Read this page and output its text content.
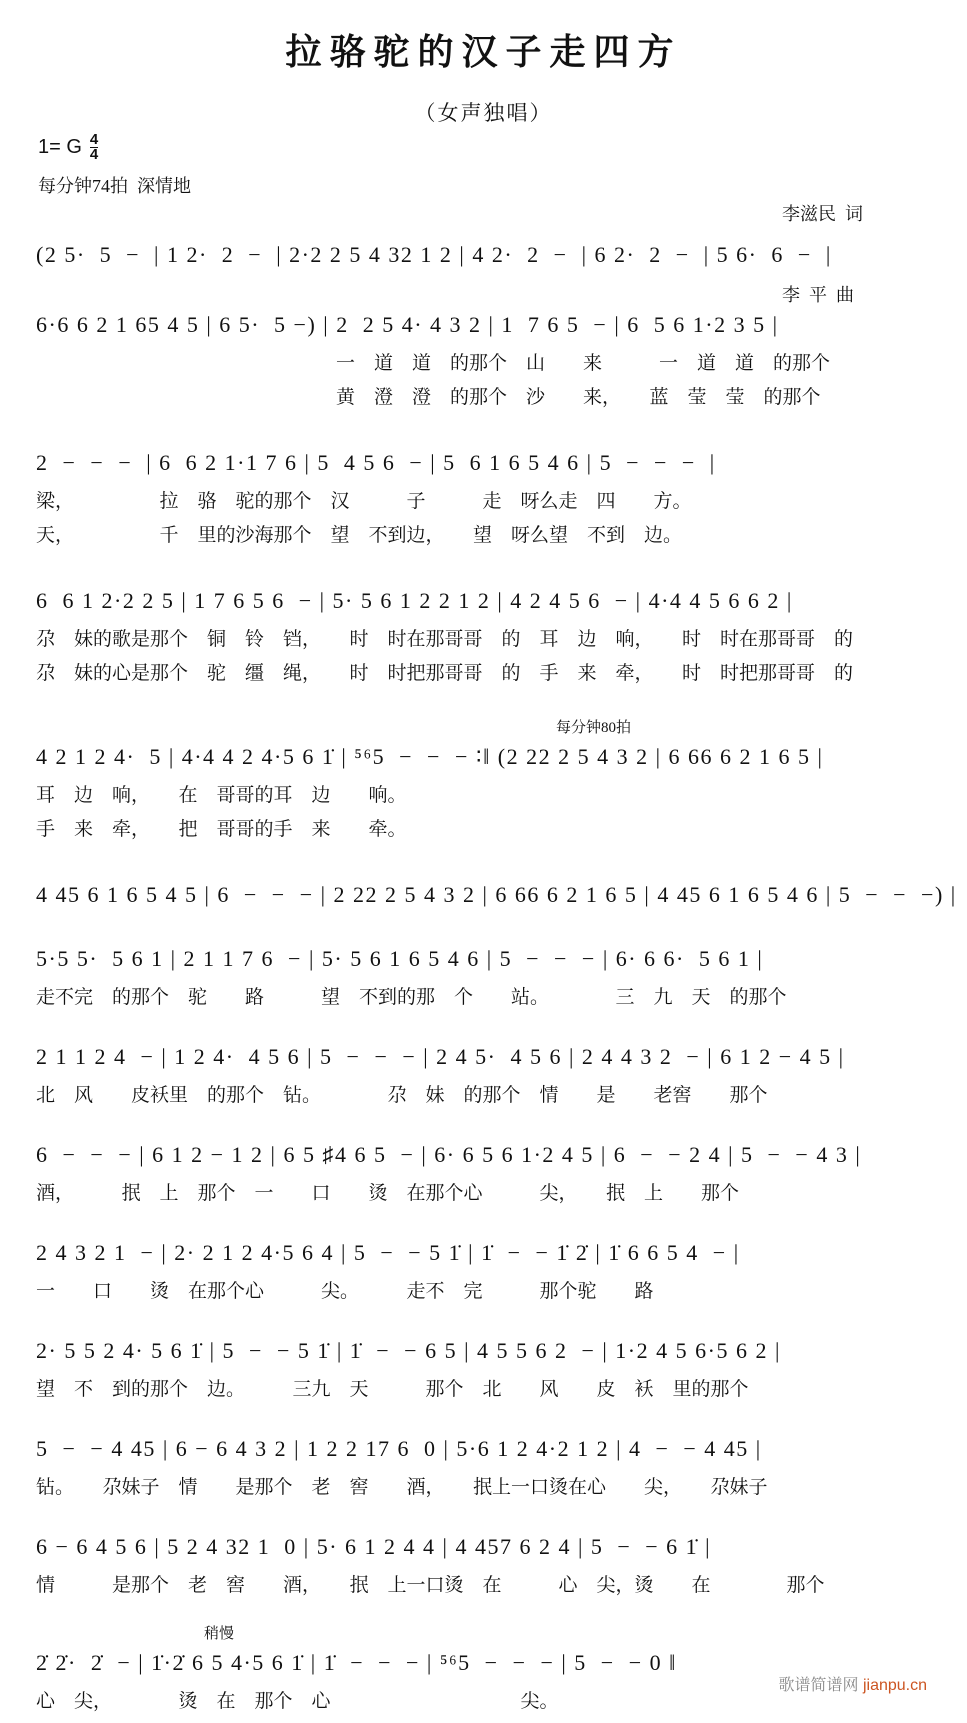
拉骆驼的汉子走四方
（女声独唱）
1= G 4
4
每分钟74拍  深情地

李滋民  词

李  平  曲

(2 5·  5  −  | 1 2·  2  −  | 2·2 2 5 4 32 1 2 | 4 2·  2  −  | 6 2·  2  −  | 5 6·  6  −  |
6·6 6 2 1 65 4 5 | 6 5·  5 −) | 2  2 5 4· 4 3 2 | 1  7 6 5  − | 6  5 6 1·2 3 5 |
一　道　道　的那个　山　　来　　　一　道　道　的那个
黄　澄　澄　的那个　沙　　来，　　蓝　莹　莹　的那个
2  −  −  −  | 6  6 2 1·1 7 6 | 5  4 5 6  − | 5  6 1 6 5 4 6 | 5  −  −  −  |
梁，　　　　　拉　骆　驼的那个　汉　　　子　　　走　呀么走　四　　方。
天，　　　　　千　里的沙海那个　望　不到边，　　望　呀么望　不到　边。
6  6 1 2·2 2 5 | 1 7 6 5 6  − | 5· 5 6 1 2 2 1 2 | 4 2 4 5 6  − | 4·4 4 5 6 6 2 |
尕　妹的歌是那个　铜　铃　铛，　　时　时在那哥哥　的　耳　边　响，　　时　时在那哥哥　的
尕　妹的心是那个　驼　缰　绳，　　时　时把那哥哥　的　手　来　牵，　　时　时把那哥哥　的
每分钟80拍
4 2 1 2 4·  5 | 4·4 4 2 4·5 6 1̇ | ⁵⁶5  −  −  − ∶‖ (2 22 2 5 4 3 2 | 6 66 6 2 1 6 5 |
耳　边　响，　　在　哥哥的耳　边　　响。
手　来　牵，　　把　哥哥的手　来　　牵。
4 45 6 1 6 5 4 5 | 6  −  −  − | 2 22 2 5 4 3 2 | 6 66 6 2 1 6 5 | 4 45 6 1 6 5 4 6 | 5  −  −  −) |
5·5 5·  5 6 1 | 2 1 1 7 6  − | 5· 5 6 1 6 5 4 6 | 5  −  −  − | 6· 6 6·  5 6 1 |
走不完　的那个　驼　　路　　　望　不到的那　个　　站。　　　　三　九　天　的那个
2 1 1 2 4  − | 1 2 4·  4 5 6 | 5  −  −  − | 2 4 5·  4 5 6 | 2 4 4 3 2  − | 6 1 2 − 4 5 |
北　风　　皮袄里　的那个　钻。　　　　尕　妹　的那个　情　　是　　老窖　　那个
6  −  −  − | 6 1 2 − 1 2 | 6 5 ♯4 6 5  − | 6· 6 5 6 1·2 4 5 | 6  −  − 2 4 | 5  −  − 4 3 |
酒，　　　抿　上　那个　一　　口　　烫　在那个心　　　尖，　　抿　上　　那个
2 4 3 2 1  − | 2· 2 1 2 4·5 6 4 | 5  −  − 5 1̇ | 1̇  −  − 1̇ 2̇ | 1̇ 6 6 5 4  − |
一　　口　　烫　在那个心　　　尖。　　　走不　完　　　那个驼　　路
2· 5 5 2 4· 5 6 1̇ | 5  −  − 5 1̇ | 1̇  −  − 6 5 | 4 5 5 6 2  − | 1·2 4 5 6·5 6 2 |
望　不　到的那个　边。　　　三九　天　　　那个　北　　风　　皮　袄　里的那个
5  −  − 4 45 | 6 − 6 4 3 2 | 1 2 2 17 6  0 | 5·6 1 2 4·2 1 2 | 4  −  − 4 45 |
钻。　　尕妹子　情　　是那个　老　窖　　酒，　　抿上一口烫在心　　尖，　　尕妹子
6 − 6 4 5 6 | 5 2 4 32 1  0 | 5· 6 1 2 4 4 | 4 457 6 2 4 | 5  −  − 6 1̇ |
情　　　是那个　老　窖　　酒，　　抿　上一口烫　在　　　心　尖，烫　　在　　　　那个
稍慢
2̇ 2̇·  2̇  − | 1̇·2̇ 6 5 4·5 6 1̇ | 1̇  −  −  − | ⁵⁶5  −  −  − | 5  −  − 0 ‖
心　尖，　　　　烫　在　那个　心　　　　　　　　　　尖。

歌谱简谱网 jianpu.cn
